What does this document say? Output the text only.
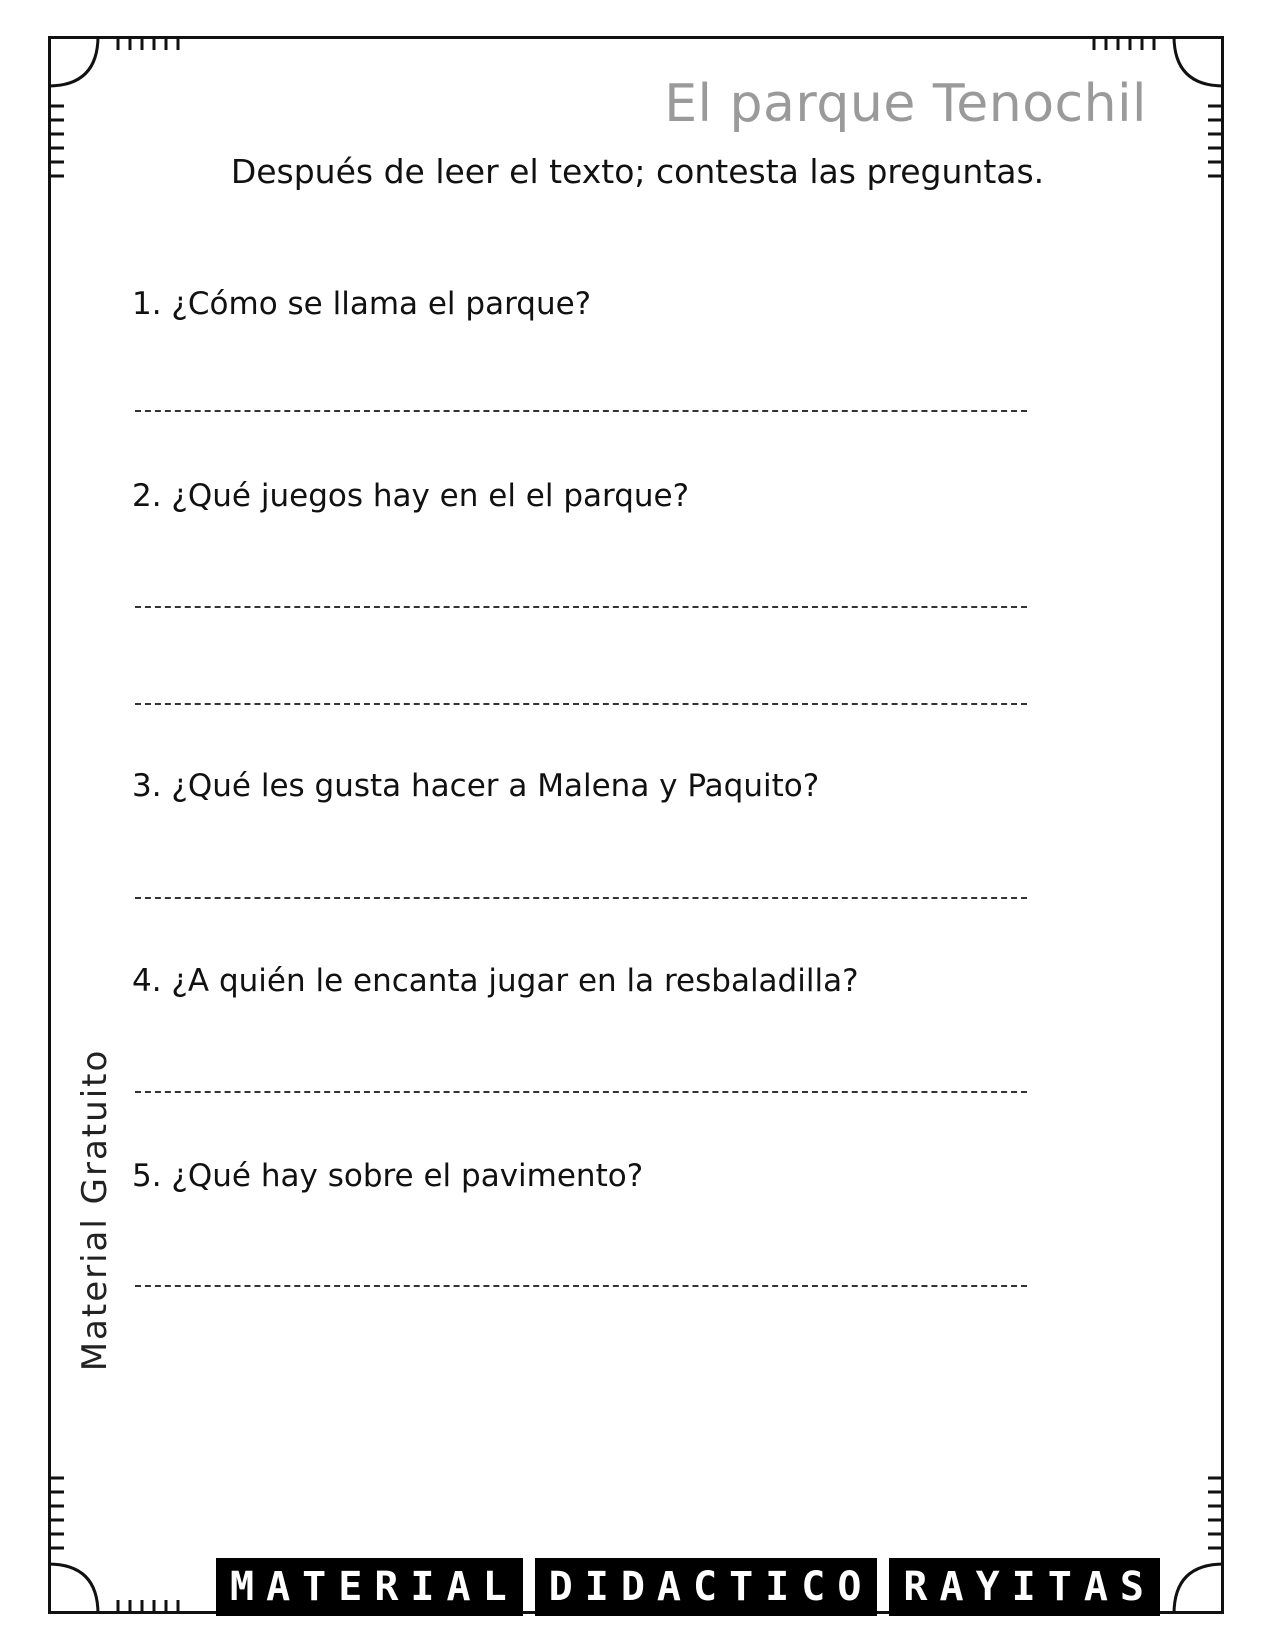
El parque Tenochil

Después de leer el texto; contesta las preguntas.

1. ¿Cómo se llama el parque?

2. ¿Qué juegos hay en el el parque?

3. ¿Qué les gusta hacer a Malena y Paquito?

4. ¿A quién le encanta jugar en la resbaladilla?

5. ¿Qué hay sobre el pavimento?

Material Gratuito
MATERIAL DIDACTICO RAYITAS
